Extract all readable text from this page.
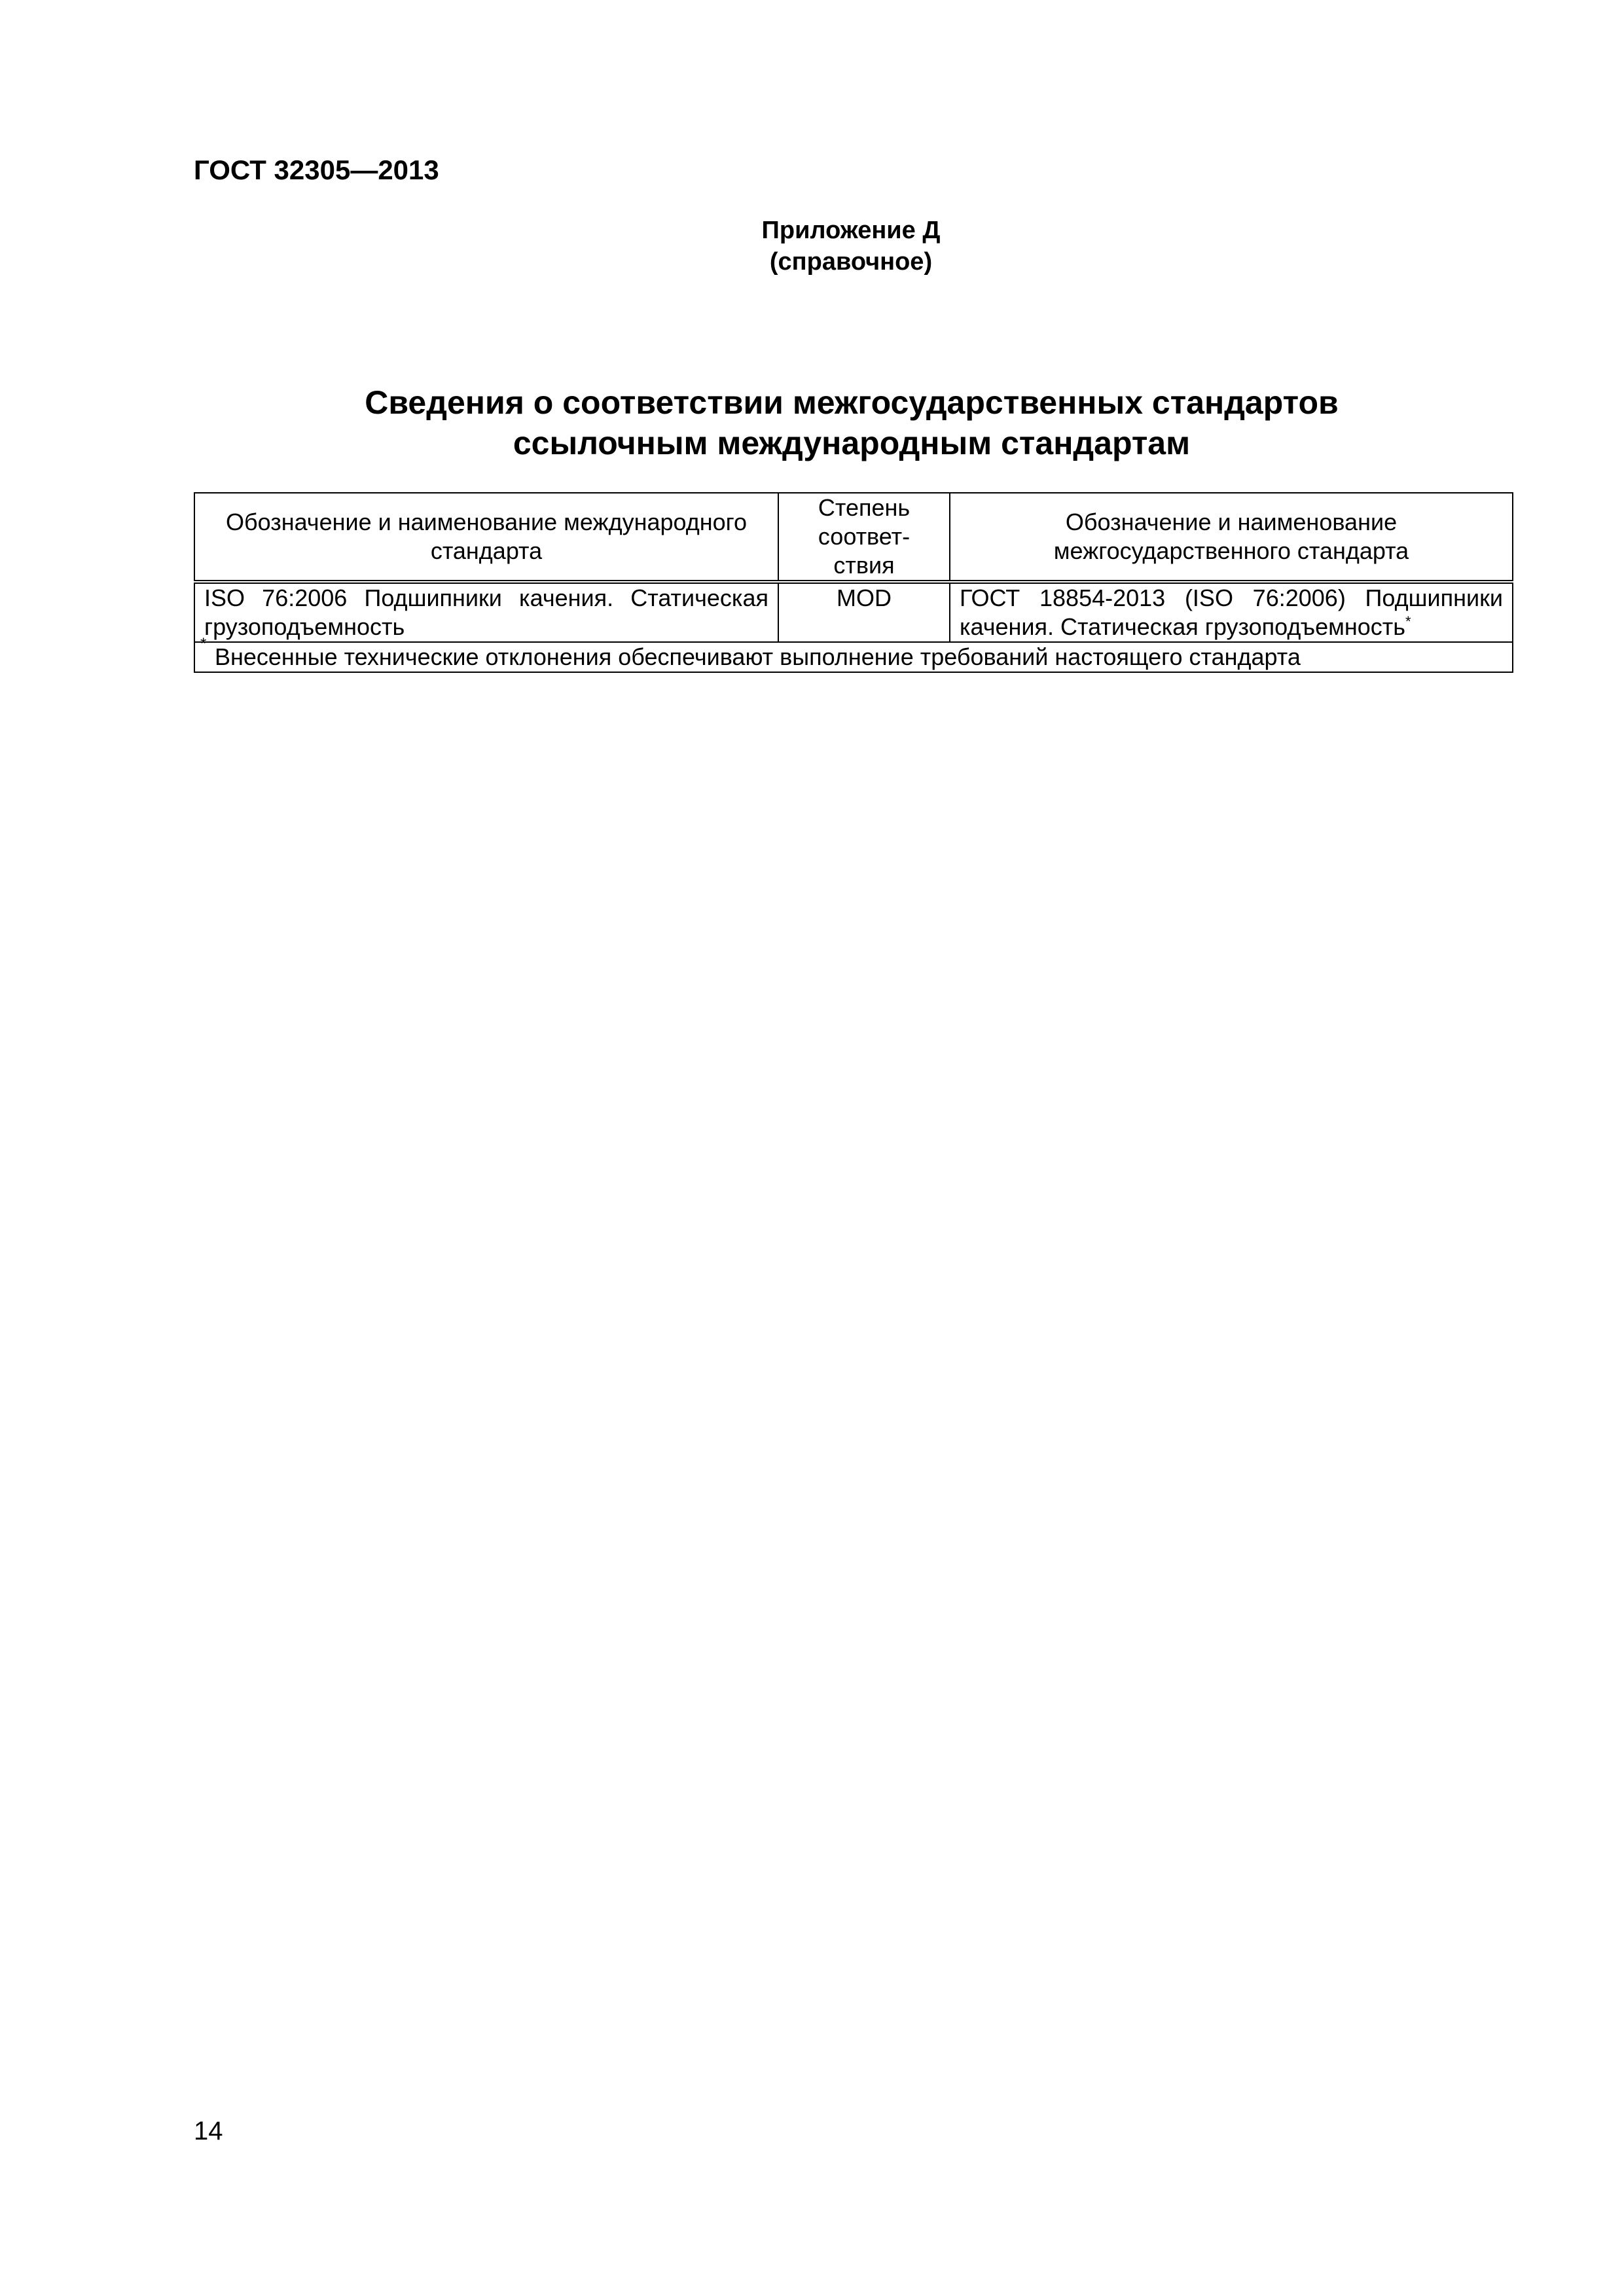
ГОСТ 32305—2013
Приложение Д
(справочное)
Сведения о соответствии межгосударственных стандартов
ссылочным международным стандартам
Обозначение и наименование международного стандарта	Степень соответ- ствия	Обозначение и наименование межгосударственного стандарта
ISO 76:2006 Подшипники качения. Статическая грузоподъемность	MOD	ГОСТ 18854-2013 (ISO 76:2006) Подшипники качения. Статическая грузоподъемность*

* Внесенные технические отклонения обеспечивают выполнение требований настоящего стандарта		
14
